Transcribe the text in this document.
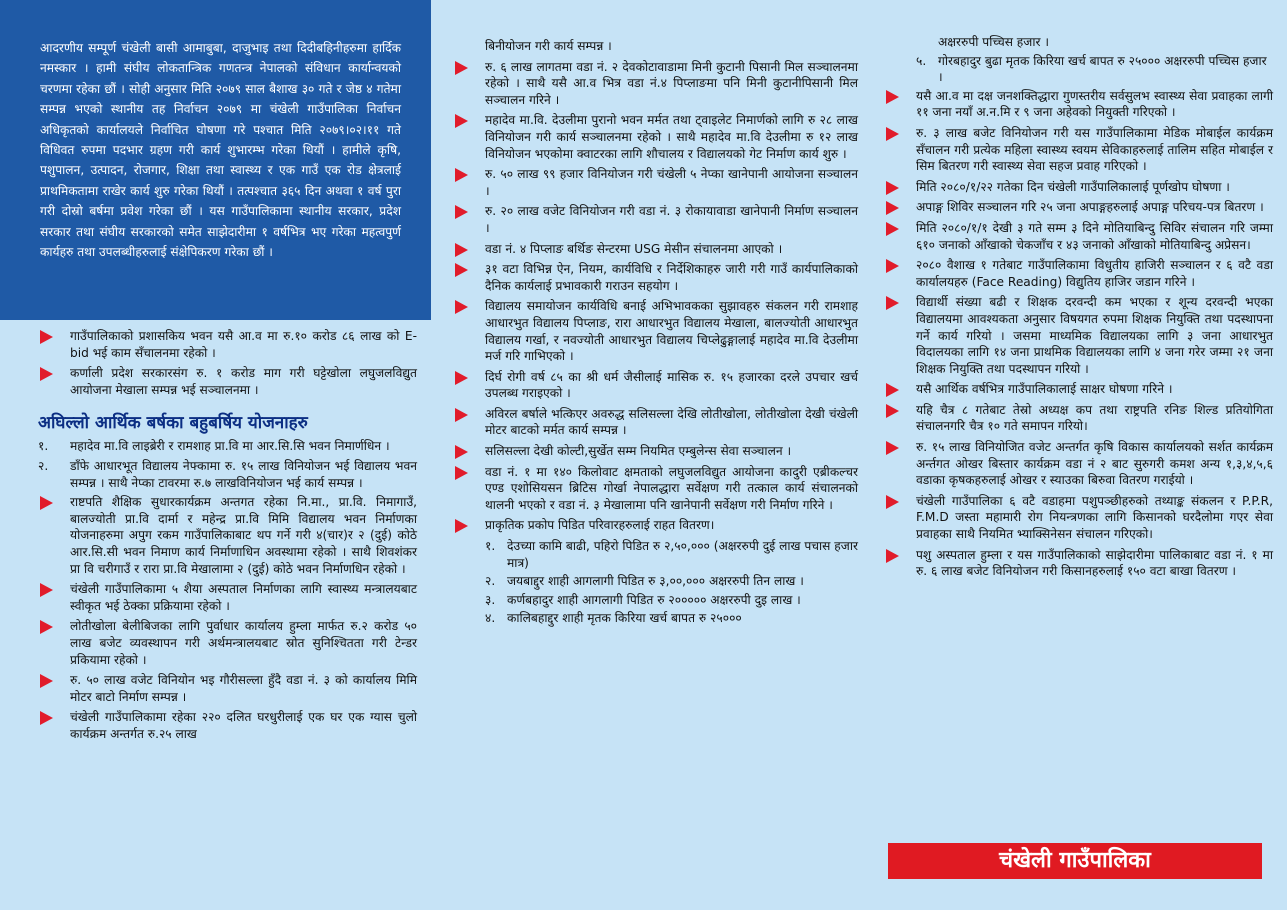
आदरणीय सम्पूर्ण चंखेली बासी आमाबुबा, दाजुभाइ तथा दिदीबहिनीहरुमा हार्दिक नमस्कार । हामी संघीय लोकतान्त्रिक गणतन्त्र नेपालको संविधान कार्यान्वयको चरणमा रहेका छौं । सोही अनुसार मिति २०७९ साल बैशाख ३० गते र जेष्ठ ४ गतेमा सम्पन्न भएको स्थानीय तह निर्वाचन २०७९ मा चंखेली गाउँपालिका निर्वाचन अधिकृतको कार्यालयले निर्वाचित घोषणा गरे पश्चात मिति २०७९।०२।११ गते विधिवत रुपमा पदभार ग्रहण गरी कार्य शुभारम्भ गरेका थियौं । हामीले कृषि, पशुपालन, उत्पादन, रोजगार, शिक्षा तथा स्वास्थ्य र एक गाउँ एक रोड क्षेत्रलाई प्राथमिकतामा राखेर कार्य शुरु गरेका थियौं । तत्पश्चात ३६५ दिन अथवा १ वर्ष पुरा गरी दोस्रो बर्षमा प्रवेश गरेका छौं । यस गाउँपालिकामा स्थानीय सरकार, प्रदेश सरकार तथा संघीय सरकारको समेत साझेदारीमा १ वर्षभित्र भए गरेका महत्वपुर्ण कार्यहरु तथा उपलब्धीहरुलाई संक्षेपिकरण गरेका छौं ।
गाउँपालिकाको प्रशासकिय भवन यसै आ.व मा रु.१० करोड ८६ लाख को E-bid भई काम सँचालनमा रहेको ।
कर्णाली प्रदेश सरकारसंग रु. १ करोड माग गरी घट्टेखोला लघुजलविद्युत आयोजना मेखाला सम्पन्न भई सञ्चालनमा ।
अघिल्लो आर्थिक बर्षका बहुबर्षिय योजनाहरु
१. महादेव मा.वि लाइब्रेरी र रामशाह प्रा.वि मा आर.सि.सि भवन निमार्णधिन ।
२. डाँफे आधारभूत विद्यालय नेफ्कामा रु. १५ लाख विनियोजन भई विद्यालय भवन सम्पन्न । साथै नेप्का टावरमा रु.७ लाखविनियोजन भई कार्य सम्पन्न ।
राष्टपति शैक्षिक सुधारकार्यक्रम अन्तगत रहेका नि.मा., प्रा.वि. निमागाउँ, बालज्योती प्रा.वि दार्मा र महेन्द्र प्रा.वि मिमि विद्यालय भवन निर्माणका योजनाहरुमा अपुग रकम गाउँपालिकाबाट थप गर्ने गरी ४(चार)र २ (दुई) कोठे आर.सि.सी भवन निमाण कार्य निर्माणाधिन अवस्थामा रहेको । साथै शिवशंकर प्रा वि चरीगाउँ र रारा प्रा.वि मेखालामा २ (दुई) कोठे भवन निर्माणधिन रहेको ।
चंखेली गाउँपालिकामा ५ शैया अस्पताल निर्माणका लागि स्वास्थ्य मन्त्रालयबाट स्वीकृत भई ठेक्का प्रक्रियामा रहेको ।
लोतीखोला बेलीबिजका लागि पुर्वाधार कार्यालय हुम्ला मार्फत रु.२ करोड ५० लाख बजेट व्यवस्थापन गरी अर्थमन्त्रालयबाट स्रोत सुनिश्चितता गरी टेन्डर प्रकियामा रहेको ।
रु. ५० लाख वजेट विनियोन भइ गौरीसल्ला हुँदै वडा नं. ३ को कार्यालय मिमि मोटर बाटो निर्माण सम्पन्न ।
चंखेली गाउँपालिकामा रहेका २२० दलित घरधुरीलाई एक घर एक ग्यास चुलो कार्यक्रम अन्तर्गत रु.२५ लाख
बिनीयोजन गरी कार्य सम्पन्न ।
रु. ६ लाख लागतमा वडा नं. २ देवकोटावाडामा मिनी कुटानी पिसानी मिल सञ्चालनमा रहेको । साथै यसै आ.व भित्र वडा नं.४ पिप्लाङमा पनि मिनी कुटानीपिसानी मिल सञ्चालन गरिने ।
महादेव मा.वि. देउलीमा पुरानो भवन मर्मत तथा ट्वाइलेट निमार्णको लागि रु २८ लाख विनियोजन गरी कार्य सञ्चालनमा रहेको । साथै महादेव मा.वि देउलीमा रु १२ लाख विनियोजन भएकोमा क्वाटरका लागि शौचालय र विद्यालयको गेट निर्माण कार्य शुरु ।
रु. ५० लाख ९९ हजार विनियोजन गरी चंखेली ५ नेप्का खानेपानी आयोजना सञ्चालन ।
रु. २० लाख वजेट विनियोजन गरी वडा नं. ३ रोकायावाडा खानेपानी निर्माण सञ्चालन ।
वडा नं. ४ पिप्लाङ बर्थिङ सेन्टरमा USG मेसीन संचालनमा आएको ।
३१ वटा विभिन्न ऐन, नियम, कार्यविधि र निर्देशिकाहरु जारी गरी गाउँ कार्यपालिकाको दैनिक कार्यलाई प्रभावकारी गराउन सहयोग ।
विद्यालय समायोजन कार्यविधि बनाई अभिभावकका सुझावहरु संकलन गरी रामशाह आधारभुत विद्यालय पिप्लाङ, रारा आधारभुत विद्यालय मेखाला, बालज्योती आधारभुत विद्यालय गर्खा, र नवज्योती आधारभुत विद्यालय चिप्लेढुङ्गालाई महादेव मा.वि देउलीमा मर्ज गरि गाभिएको ।
दिर्घ रोगी वर्ष ८५ का श्री धर्म जैसीलाई मासिक रु. १५ हजारका दरले उपचार खर्च उपलब्ध गराइएको ।
अविरल बर्षाले भत्किएर अवरुद्ध सलिसल्ला देखि लोतीखोला, लोतीखोला देखी चंखेली मोटर बाटको मर्मत कार्य सम्पन्न ।
सलिसल्ला देखी कोल्टी,सुर्खेत सम्म नियमित एम्बुलेन्स सेवा सञ्चालन ।
वडा नं. १ मा १४० किलोवाट क्षमताको लघुजलविद्युत आयोजना कादुरी एब्रीकल्चर एण्ड एशोसियसन ब्रिटिस गोर्खा नेपालद्धारा सर्वेक्षण गरी तत्काल कार्य संचालनको थालनी भएको र वडा नं. ३ मेखालामा पनि खानेपानी सर्वेक्षण गरी निर्माण गरिने ।
प्राकृतिक प्रकोप पिडित परिवारहरुलाई राहत वितरण।
१. देउच्या कामि बाढी, पहिरो पिडित रु २,५०,००० (अक्षररुपी दुई लाख पचास हजार मात्र)
२. जयबाद्दुर शाही आगलागी पिडित रु ३,००,००० अक्षररुपी तिन लाख ।
३. कर्णबहादुर शाही आगलागी पिडित रु २००००० अक्षररुपी दुइ लाख ।
४. कालिबहाद्दुर शाही मृतक किरिया खर्च बापत रु २५०००
अक्षररुपी पच्चिस हजार ।
५. गोरबहादुर बुढा मृतक किरिया खर्च बापत रु २५००० अक्षररुपी पच्चिस हजार ।
यसै आ.व मा दक्ष जनशक्तिद्धारा गुणस्तरीय सर्वसुलभ स्वास्थ्य सेवा प्रवाहका लागी ११ जना नयाँ अ.न.मि र ९ जना अहेवको नियुक्ती गरिएको ।
रु. ३ लाख बजेट विनियोजन गरी यस गाउँपालिकामा मेडिक मोबाईल कार्यक्रम सँचालन गरी प्रत्येक महिला स्वास्थ्य स्वयम सेविकाहरुलाई तालिम सहित मोबाईल र सिम बितरण गरी स्वास्थ्य सेवा सहज प्रवाह गरिएको ।
मिति २०८०/१/२२ गतेका दिन चंखेली गाउँपालिकालाई पूर्णखोप घोषणा ।
अपाङ्ग शिविर सञ्चालन गरि २५ जना अपाङ्गहरुलाई अपाङ्ग परिचय-पत्र बितरण ।
मिति २०८०/१/१ देखी ३ गते सम्म ३ दिने मोतियाबिन्दु सिविर संचालन गरि जम्मा ६१० जनाको आँखाको चेकजाँच र ४३ जनाको आँखाको मोतियाबिन्दु अप्रेसन।
२०८० वैशाख १ गतेबाट गाउँपालिकामा विधुतीय हाजिरी सञ्चालन र ६ वटै वडा कार्यालयहरु (Face Reading) विद्युतिय हाजिर जडान गरिने ।
विद्यार्थी संख्या बढी र शिक्षक दरवन्दी कम भएका र शून्य दरवन्दी भएका विद्यालयमा आवश्यकता अनुसार विषयगत रुपमा शिक्षक नियुक्ति तथा पदस्थापना गर्ने कार्य गरियो । जसमा माध्यमिक विद्यालयका लागि ३ जना आधारभुत विदालयका लागि १४ जना प्राथमिक विद्यालयका लागि ४ जना गरेर जम्मा २१ जना शिक्षक नियुक्ति तथा पदस्थापन गरियो ।
यसै आर्थिक वर्षभित्र गाउँपालिकालाई साक्षर घोषणा गरिने ।
यहि चैत्र ८ गतेबाट तेस्रो अध्यक्ष कप तथा राष्ट्रपति रनिङ शिल्ड प्रतियोगिता संचालनगरि चैत्र १० गते समापन गरियो।
रु. १५ लाख विनियोजित वजेट अन्तर्गत कृषि विकास कार्यालयको सर्शत कार्यक्रम अर्न्तगत ओखर बिस्तार कार्यक्रम वडा नं २ बाट सुरुगरी कमश अन्य १,३,४,५,६ वडाका कृषकहरुलाई ओखर र स्याउका बिरुवा वितरण गराईयो ।
चंखेली गाउँपालिका ६ वटै वडाहमा पशुपञ्छीहरुको तथ्याङ्क संकलन र P.P.R, F.M.D जस्ता महामारी रोग नियन्त्रणका लागि किसानको घरदैलोमा गएर सेवा प्रवाहका साथै नियमित भ्याक्सिनेसन संचालन गरिएको।
पशु अस्पताल हुम्ला र यस गाउँपालिकाको साझेदारीमा पालिकाबाट वडा नं. १ मा रु. ६ लाख बजेट विनियोजन गरी किसानहरुलाई १५० वटा बाखा वितरण ।
चंखेली गाउँपालिका
